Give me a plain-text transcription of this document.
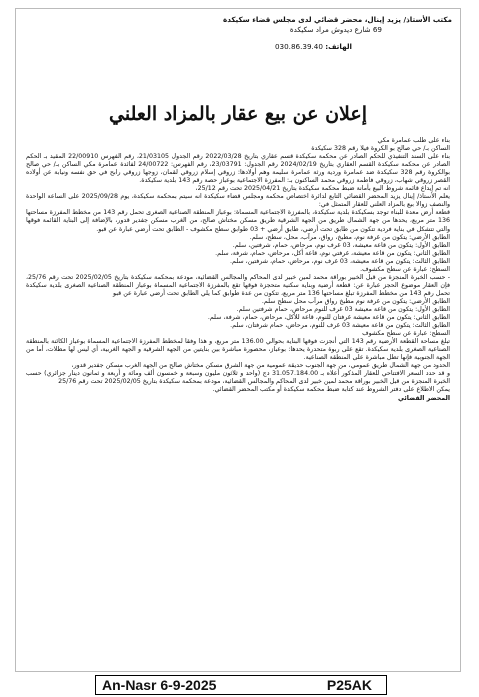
مكتب الأستاذ/ يزيد إينال، محضر قضائي لدى مجلس قضاء سكيكدة
69 شارع ديدوش مراد سكيكدة
الهاتف: 030.86.39.40
إعلان عن بيع عقار بالمزاد العلني

بناء على طلب عمامرة مكي

الساكن بـ/ حي صالح بو الكروة فيلا رقم 328 سكيكدة

بناء على السند التنفيذي للحكم الصادر عن محكمة سكيكدة قسم عقاري بتاريخ 2022/03/28 رقم الجدول 21/03105، رقم الفهرس 22/00910 المقيد بـ الحكم الصادر عن محكمة سكيكدة القسم العقاري بتاريخ 2024/02/19 رقم الجدول: 23/03791، رقم الفهرس: 24/00722 لفائدة عمامرة مكي الساكن بـ/ حي صالح بوالكروة رقم 328 سكيكدة ضد عمامرة وردية ورثة عمامرة سليمة وهم أولادها: زروقي إسلام زروقي لقمان، زوجها زروقي رابح في حق نفسه ونيابة عن أولاده القصر زروقي شهاب، زروقي فاطمة زروقي محمد الساكنون بـ: المفرزة الاجتماعية بوعباز حصة رقم 143 بلدية سكيكدة.

انه تم إيداع قائمة شروط البيع بأمانة ضبط محكمة سكيكدة بتاريخ 2025/04/21 تحت رقم 25/12،

يعلم الأستاذ/ إينال يزيد المحضر القضائي التابع لدائرة اختصاص محكمة ومجلس قضاء سكيكدة انه سيتم بمحكمة سكيكدة، يوم 2025/09/28 على الساعة الواحدة والنصف زوالا بيع بالمزاد العلني للعقار المتمثل في:

قطعة أرض معدة للبناء توجد بسكيكدة بلدية سكيكدة، بالمفرزة الاجتماعية المسماة: بوعباز المنطقة الصناعية الصغرى تحمل رقم 143 من مخطط المفرزة مساحتها 136 متر مربع، يحدها من جهة الشمال طريق من الجهة الشرقية طريق مسكن مختاش صالح، من الغرب مسكن جفدير قدور، بالإضافة إلى البناية القائمة فوقها والتي تتشكل في بناية فردية تتكون من طابق تحت أرضي، طابق أرضي + 03 طوابق سطح مكشوف - الطابق تحت أرضي عبارة عن قبو.

الطابق الأرضي: يتكون من غرفة نوم، مطبخ، رواق، مرآب، محل، سطح، سلم.

الطابق الأول: يتكون من قاعة معيشة، 03 غرف نوم، مرحاض، حمام، شرفتين، سلم.

الطابق الثاني: يتكون من قاعة معيشة، غرفتي نوم، قاعة أكل، مرحاض، حمام، شرفة، سلم.

الطابق الثالث: يتكون من قاعة معيشة، 03 غرف نوم، مرحاض، حمام، شرفتين، سلم.

السطح: عبارة عن سطح مكشوف.

- حسب الخبرة المنجزة من قبل الخبير بوراقة محمد لمين خبير لدى المحاكم والمجالس القضائية، مودعة بمحكمة سكيكدة بتاريخ 2025/02/05 تحت رقم 25/76، فإن العقار موضوع الحجز عبارة عن: قطعة أرضية وبناية سكنية متحجزة فوقها تقع بالمفرزة الاجتماعية المسماة بوعباز المنطقة الصناعية الصغرى بلدية سكيكدة تحمل رقم 143 من مخطط المفرزة تبلغ مساحتها 136 متر مربع، تتكون من عدة طوابق كما يلي الطابق تحت أرضي عبارة عن قبو

الطابق الأرضي: يتكون من غرفة نوم مطبخ رواق مرآب محل سطح سلم.

الطابق الأول: يتكون من قاعة معيشة 03 غرف للنوم مرحاض، حمام شرفتين سلم.

الطابق الثاني: يتكون من قاعة معيشة غرفتان للنوم، قاعة للأكل، مرحاض، حمام، شرفة، سلم.

الطابق الثالث: يتكون من قاعة معيشة 03 غرف للنوم، مرحاض، حمام شرفتان، سلم.

السطح: عبارة عن سطح مكشوف

تبلغ مساحة القطعة الأرضية رقم 143 التي أنجزت فوقها البناية بحوالي 136.00 متر مربع، و هذا وفقا لمخطط المفرزة الاجتماعية المسماة بوعباز الكائنة بالمنطقة الصناعية الصغرى بلدية سكيكدة. تقع على ربوة متحدرة يحدها: بوعباز، محصورة مباشرة بين بنايتين من الجهة الشرقية و الجهة الغربية، أي ليس لها مطلات، أما من الجهة الجنوبية فإنها تطل مباشرة على المنطقة الصناعية.

الحدود من جهة الشمال طريق عمومي، من جهة الجنوب حديقة عمومية من جهة الشرق مسكن مختاش صالح من الجهة الغرب مسكن جفدير قدور،

و قد حدد السعر الافتتاحي للعقار المذكور أعلاه بـ 31.057.184.00 دج (واحد و ثلاثون مليون وسبعة و خمسون ألف ومائة و أربعة و ثمانون دينار جزائري) حسب الخبرة المنجزة من قبل الخبير بوراقة محمد لمين خبير لدى المحاكم والمجالس القضائية، مودعة بمحكمة سكيكدة بتاريخ 2025/02/05 تحت رقم 25/76

يمكن الاطلاع على دفتر الشروط عند كتابة ضبط محكمة سكيكدة أو مكتب المحضر القضائي.

المحضر القضائي

An-Nasr 6-9-2025	P25AK
